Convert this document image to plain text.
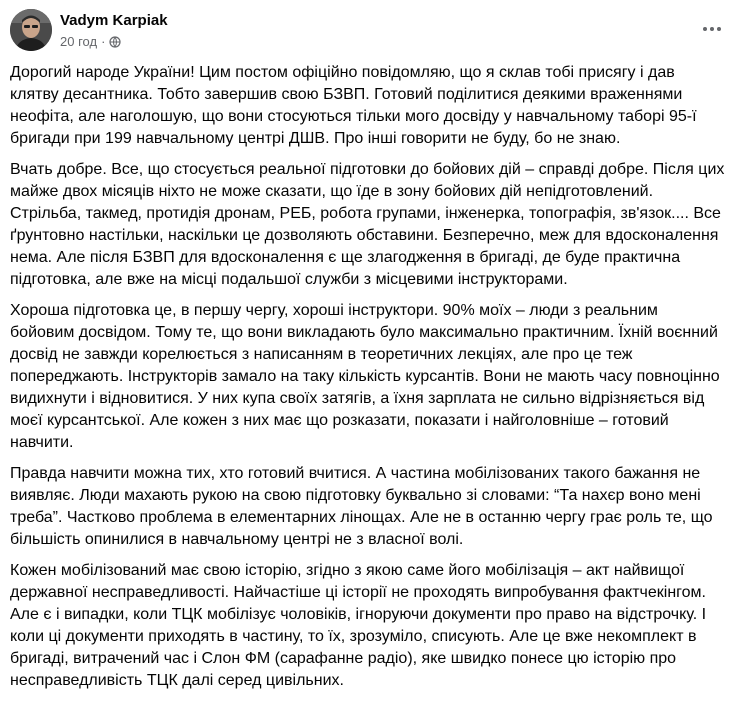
Vadym Karpiak
20 год ·

Дорогий народе України! Цим постом офіційно повідомляю, що я склав тобі присягу і дав клятву десантника. Тобто завершив свою БЗВП. Готовий поділитися деякими враженнями неофіта, але наголошую, що вони стосуються тільки мого досвіду у навчальному таборі 95-ї бригади при 199 навчальному центрі ДШВ. Про інші говорити не буду, бо не знаю.

Вчать добре. Все, що стосується реальної підготовки до бойових дій – справді добре. Після цих майже двох місяців ніхто не може сказати, що їде в зону бойових дій непідготовлений. Стрільба, такмед, протидія дронам, РЕБ, робота групами, інженерка, топографія, зв'язок.... Все ґрунтовно настільки, наскільки це дозволяють обставини. Безперечно, меж для вдосконалення нема. Але після БЗВП для вдосконалення є ще злагодження в бригаді, де буде практична підготовка, але вже на місці подальшої служби з місцевими інструкторами.

Хороша підготовка це, в першу чергу, хороші інструктори. 90% моїх – люди з реальним бойовим досвідом. Тому те, що вони викладають було максимально практичним. Їхній воєнний досвід не завжди корелюється з написанням в теоретичних лекціях, але про це теж попереджають. Інструкторів замало на таку кількість курсантів. Вони не мають часу повноцінно видихнути і відновитися. У них купа своїх затягів, а їхня зарплата не сильно відрізняється від моєї курсантської. Але кожен з них має що розказати, показати і найголовніше – готовий навчити.

Правда навчити можна тих, хто готовий вчитися. А частина мобілізованих такого бажання не виявляє. Люди махають рукою на свою підготовку буквально зі словами: “Та нахєр воно мені треба”. Частково проблема в елементарних лінощах. Але не в останню чергу грає роль те, що більшість опинилися в навчальному центрі не з власної волі.

Кожен мобілізований має свою історію, згідно з якою саме його мобілізація – акт найвищої державної несправедливості. Найчастіше ці історії не проходять випробування фактчекінгом. Але є і випадки, коли ТЦК мобілізує чоловіків, ігноруючи документи про право на відстрочку. І коли ці документи приходять в частину, то їх, зрозуміло, списують. Але це вже некомплект в бригаді, витрачений час і Слон ФМ (сарафанне радіо), яке швидко понесе цю історію про несправедливість ТЦК далі серед цивільних.
